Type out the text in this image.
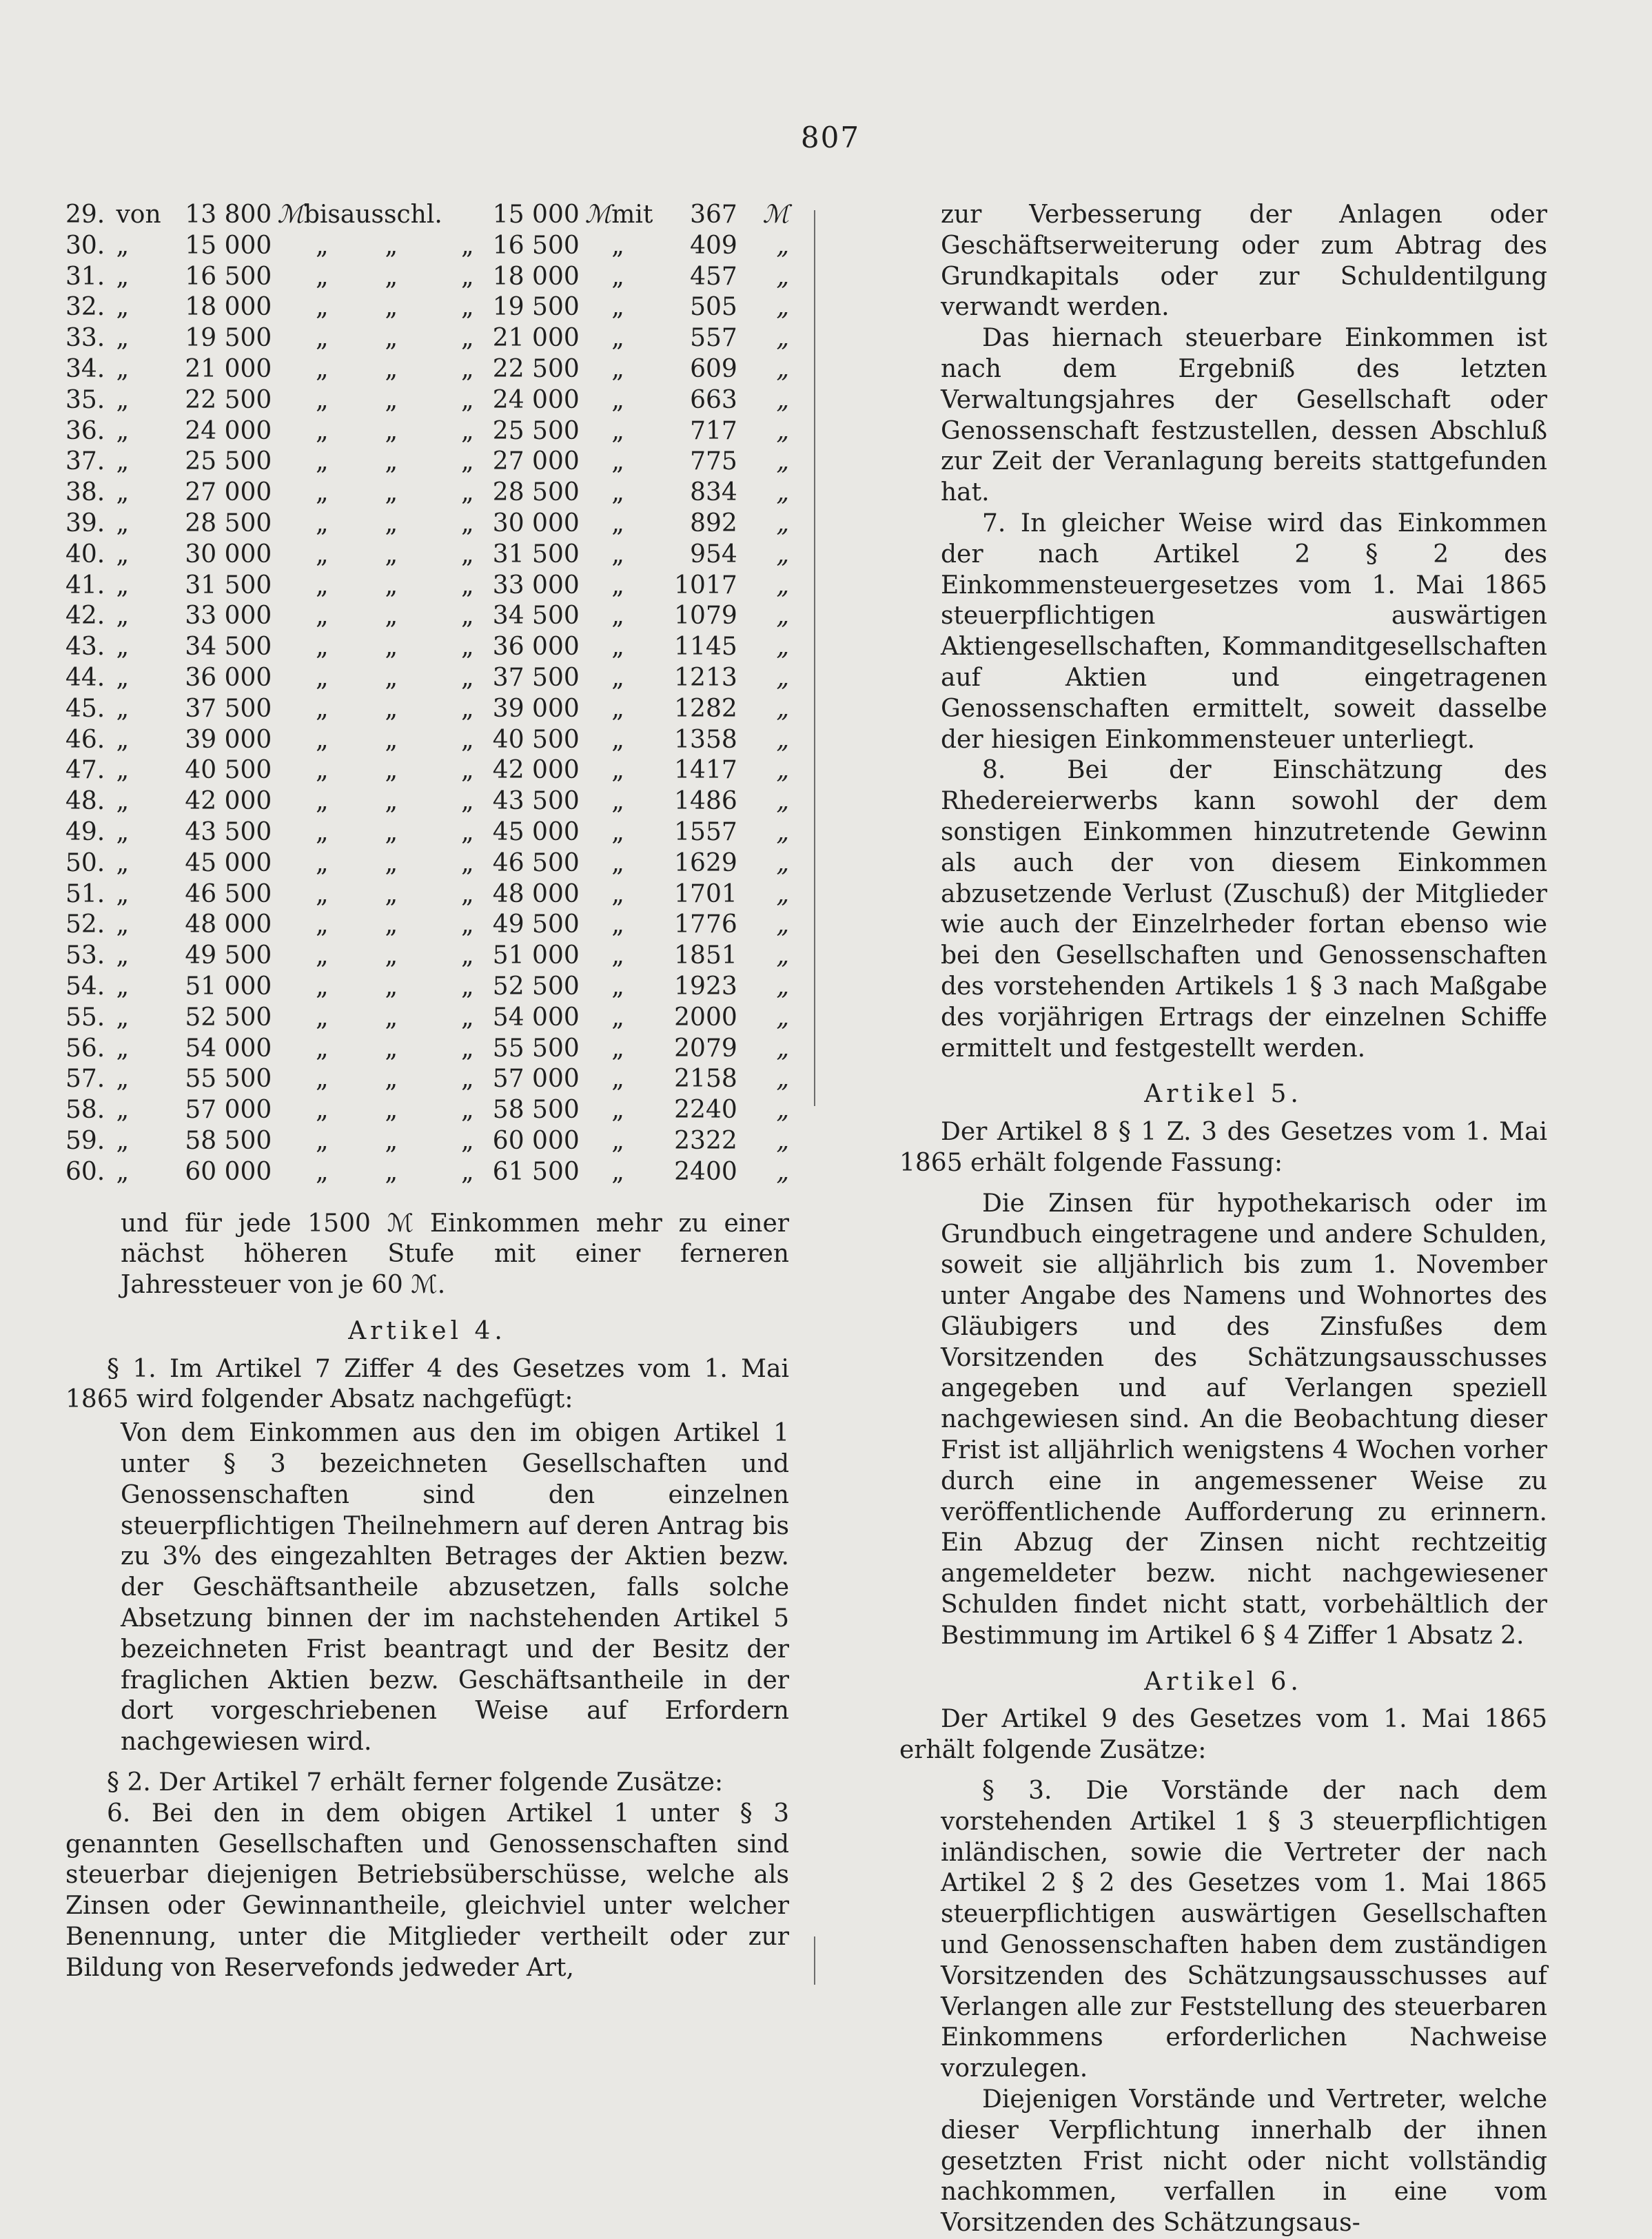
807
29.	von	13 800	ℳ	bis	ausschl.		15 000	ℳ	mit	367	ℳ
30.	„	15 000		„	„	„	16 500		„	409	„
31.	„	16 500		„	„	„	18 000		„	457	„
32.	„	18 000		„	„	„	19 500		„	505	„
33.	„	19 500		„	„	„	21 000		„	557	„
34.	„	21 000		„	„	„	22 500		„	609	„
35.	„	22 500		„	„	„	24 000		„	663	„
36.	„	24 000		„	„	„	25 500		„	717	„
37.	„	25 500		„	„	„	27 000		„	775	„
38.	„	27 000		„	„	„	28 500		„	834	„
39.	„	28 500		„	„	„	30 000		„	892	„
40.	„	30 000		„	„	„	31 500		„	954	„
41.	„	31 500		„	„	„	33 000		„	1017	„
42.	„	33 000		„	„	„	34 500		„	1079	„
43.	„	34 500		„	„	„	36 000		„	1145	„
44.	„	36 000		„	„	„	37 500		„	1213	„
45.	„	37 500		„	„	„	39 000		„	1282	„
46.	„	39 000		„	„	„	40 500		„	1358	„
47.	„	40 500		„	„	„	42 000		„	1417	„
48.	„	42 000		„	„	„	43 500		„	1486	„
49.	„	43 500		„	„	„	45 000		„	1557	„
50.	„	45 000		„	„	„	46 500		„	1629	„
51.	„	46 500		„	„	„	48 000		„	1701	„
52.	„	48 000		„	„	„	49 500		„	1776	„
53.	„	49 500		„	„	„	51 000		„	1851	„
54.	„	51 000		„	„	„	52 500		„	1923	„
55.	„	52 500		„	„	„	54 000		„	2000	„
56.	„	54 000		„	„	„	55 500		„	2079	„
57.	„	55 500		„	„	„	57 000		„	2158	„
58.	„	57 000		„	„	„	58 500		„	2240	„
59.	„	58 500		„	„	„	60 000		„	2322	„
60.	„	60 000		„	„	„	61 500		„	2400	„

und für jede 1500 ℳ Einkommen mehr zu einer nächst höheren Stufe mit einer ferneren Jahressteuer von je 60 ℳ.

Artikel 4.

§ 1. Im Artikel 7 Ziffer 4 des Gesetzes vom 1. Mai 1865 wird folgender Absatz nachgefügt:

Von dem Einkommen aus den im obigen Artikel 1 unter § 3 bezeichneten Gesellschaften und Genossenschaften sind den einzelnen steuerpflichtigen Theilnehmern auf deren Antrag bis zu 3% des eingezahlten Betrages der Aktien bezw. der Geschäftsantheile abzusetzen, falls solche Absetzung binnen der im nachstehenden Artikel 5 bezeichneten Frist beantragt und der Besitz der fraglichen Aktien bezw. Geschäftsantheile in der dort vorgeschriebenen Weise auf Erfordern nachgewiesen wird.

§ 2. Der Artikel 7 erhält ferner folgende Zusätze:

6. Bei den in dem obigen Artikel 1 unter § 3 genannten Gesellschaften und Genossenschaften sind steuerbar diejenigen Betriebsüberschüsse, welche als Zinsen oder Gewinnantheile, gleichviel unter welcher Benennung, unter die Mitglieder vertheilt oder zur Bildung von Reservefonds jedweder Art,

zur Verbesserung der Anlagen oder Geschäftserweiterung oder zum Abtrag des Grundkapitals oder zur Schuldentilgung verwandt werden.

Das hiernach steuerbare Einkommen ist nach dem Ergebniß des letzten Verwaltungsjahres der Gesellschaft oder Genossenschaft festzustellen, dessen Abschluß zur Zeit der Veranlagung bereits stattgefunden hat.

7. In gleicher Weise wird das Einkommen der nach Artikel 2 § 2 des Einkommensteuergesetzes vom 1. Mai 1865 steuerpflichtigen auswärtigen Aktiengesellschaften, Kommanditgesellschaften auf Aktien und eingetragenen Genossenschaften ermittelt, soweit dasselbe der hiesigen Einkommensteuer unterliegt.

8. Bei der Einschätzung des Rhedereierwerbs kann sowohl der dem sonstigen Einkommen hinzutretende Gewinn als auch der von diesem Einkommen abzusetzende Verlust (Zuschuß) der Mitglieder wie auch der Einzelrheder fortan ebenso wie bei den Gesellschaften und Genossenschaften des vorstehenden Artikels 1 § 3 nach Maßgabe des vorjährigen Ertrags der einzelnen Schiffe ermittelt und festgestellt werden.

Artikel 5.

Der Artikel 8 § 1 Z. 3 des Gesetzes vom 1. Mai 1865 erhält folgende Fassung:

Die Zinsen für hypothekarisch oder im Grundbuch eingetragene und andere Schulden, soweit sie alljährlich bis zum 1. November unter Angabe des Namens und Wohnortes des Gläubigers und des Zinsfußes dem Vorsitzenden des Schätzungsausschusses angegeben und auf Verlangen speziell nachgewiesen sind. An die Beobachtung dieser Frist ist alljährlich wenigstens 4 Wochen vorher durch eine in angemessener Weise zu veröffentlichende Aufforderung zu erinnern. Ein Abzug der Zinsen nicht rechtzeitig angemeldeter bezw. nicht nachgewiesener Schulden findet nicht statt, vorbehältlich der Bestimmung im Artikel 6 § 4 Ziffer 1 Absatz 2.

Artikel 6.

Der Artikel 9 des Gesetzes vom 1. Mai 1865 erhält folgende Zusätze:

§ 3. Die Vorstände der nach dem vorstehenden Artikel 1 § 3 steuerpflichtigen inländischen, sowie die Vertreter der nach Artikel 2 § 2 des Gesetzes vom 1. Mai 1865 steuerpflichtigen auswärtigen Gesellschaften und Genossenschaften haben dem zuständigen Vorsitzenden des Schätzungsausschusses auf Verlangen alle zur Feststellung des steuerbaren Einkommens erforderlichen Nachweise vorzulegen.

Diejenigen Vorstände und Vertreter, welche dieser Verpflichtung innerhalb der ihnen gesetzten Frist nicht oder nicht vollständig nachkommen, verfallen in eine vom Vorsitzenden des Schätzungsaus-
